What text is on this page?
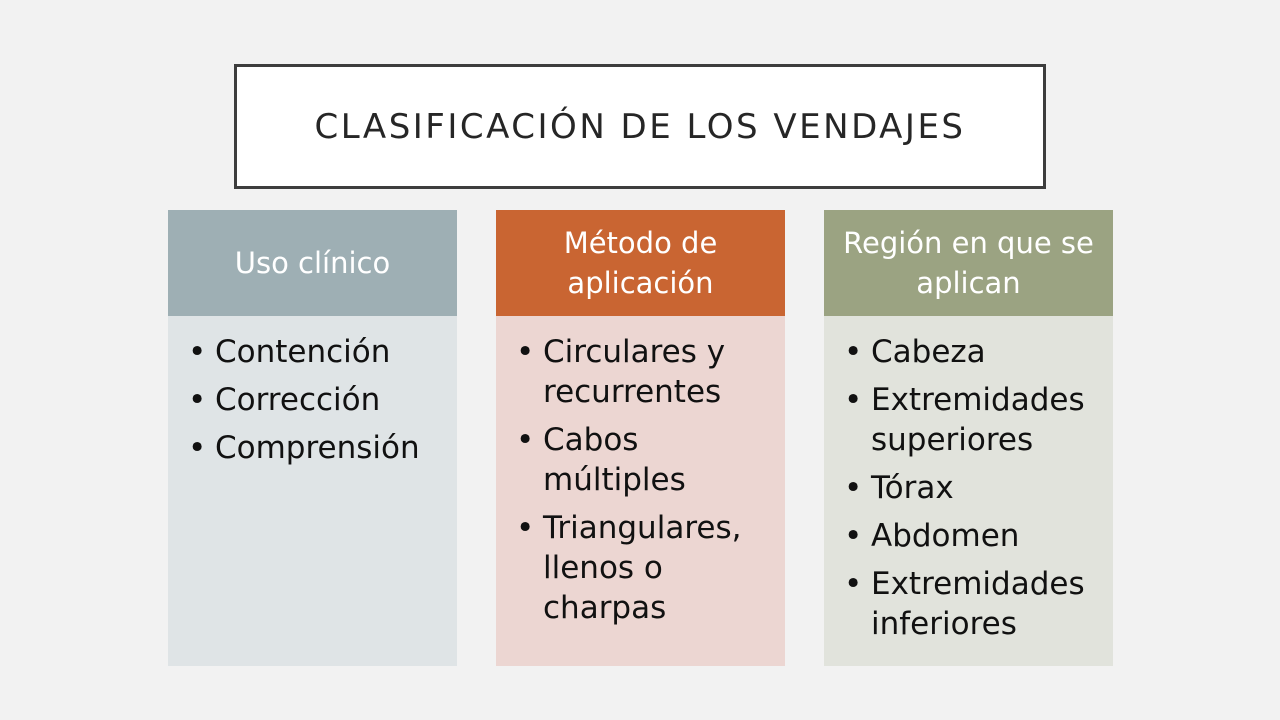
CLASIFICACIÓN DE LOS VENDAJES
Uso clínico
• Contención
• Corrección
• Comprensión
Método de aplicación
• Circulares y recurrentes
• Cabos múltiples
• Triangulares, llenos o charpas
Región en que se aplican
• Cabeza
• Extremidades superiores
• Tórax
• Abdomen
• Extremidades inferiores
